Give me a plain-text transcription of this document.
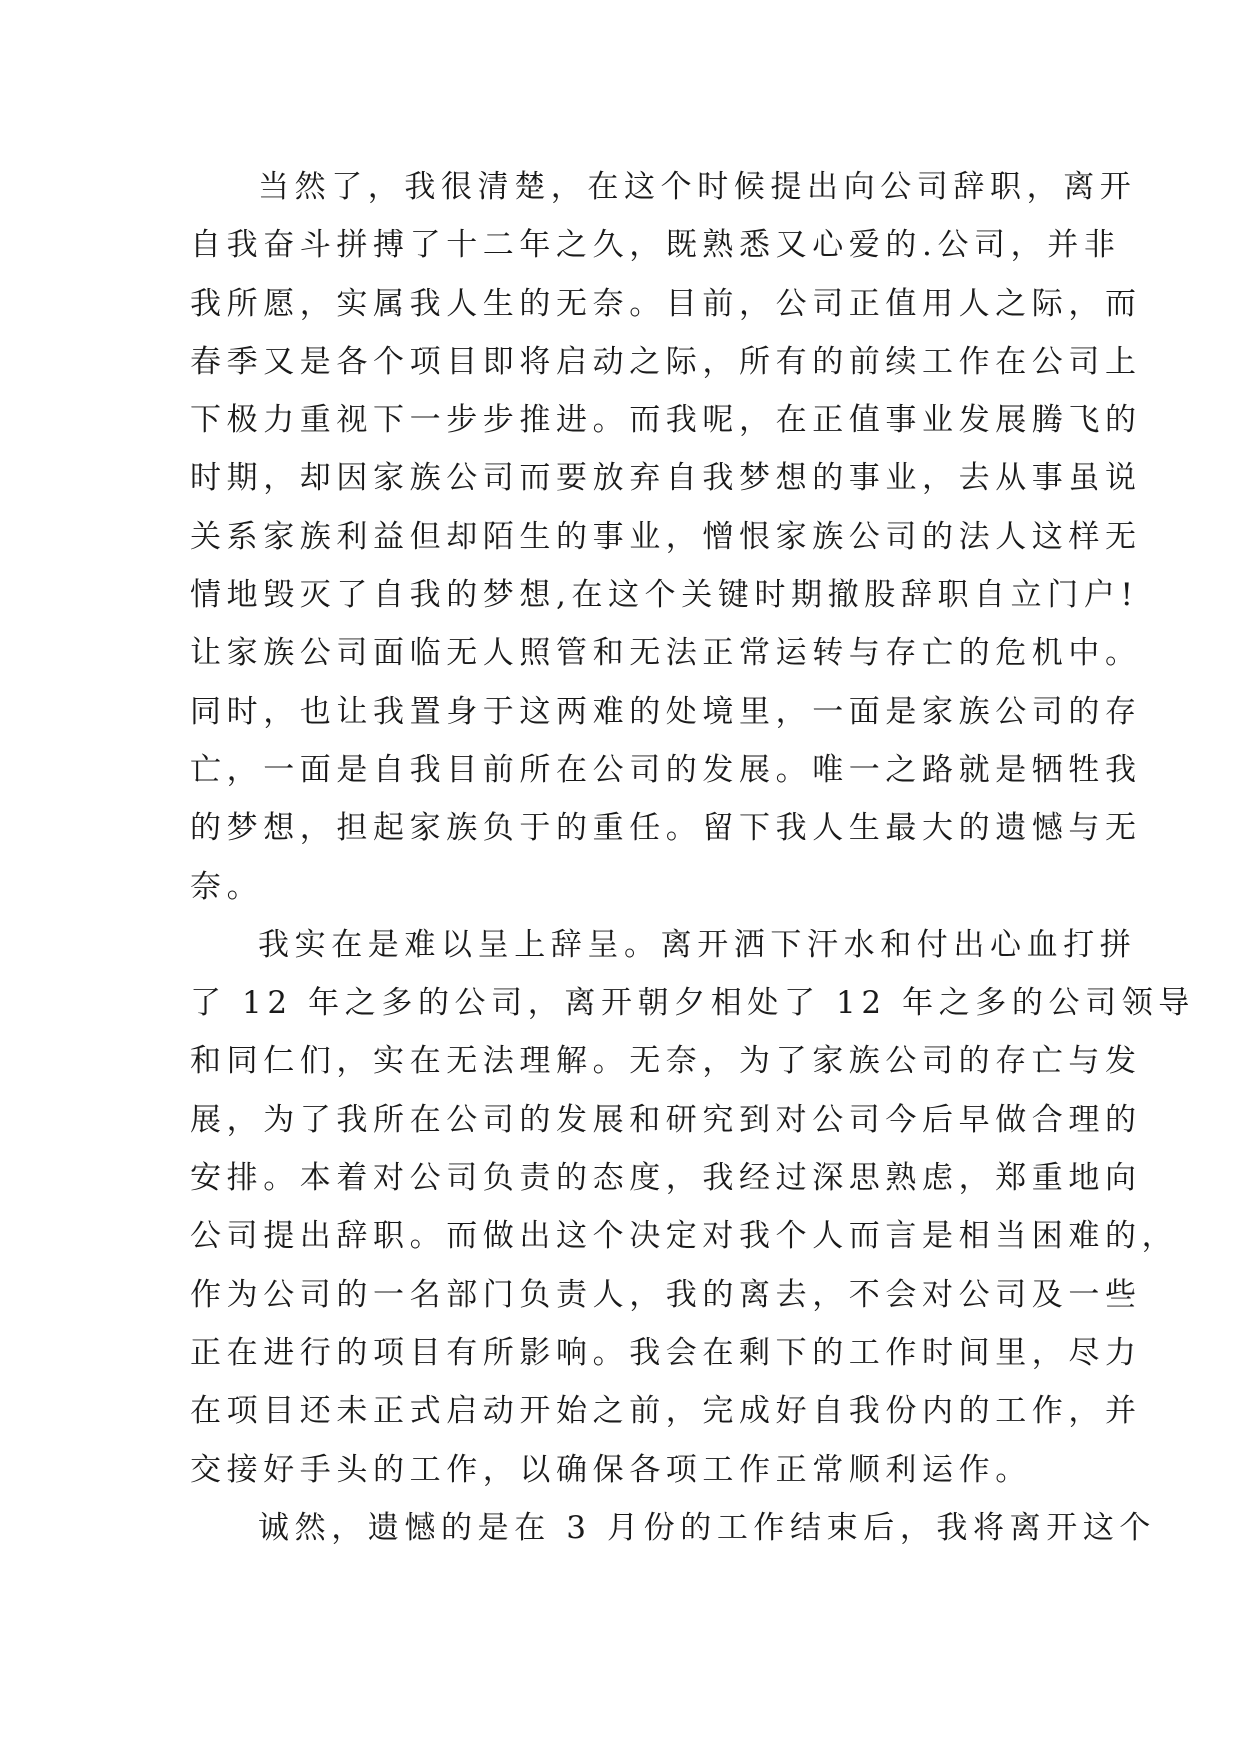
当然了，我很清楚，在这个时候提出向公司辞职，离开
自我奋斗拼搏了十二年之久，既熟悉又心爱的.公司，并非
我所愿，实属我人生的无奈。目前，公司正值用人之际，而
春季又是各个项目即将启动之际，所有的前续工作在公司上
下极力重视下一步步推进。而我呢，在正值事业发展腾飞的
时期，却因家族公司而要放弃自我梦想的事业，去从事虽说
关系家族利益但却陌生的事业，憎恨家族公司的法人这样无
情地毁灭了自我的梦想,在这个关键时期撤股辞职自立门户!
让家族公司面临无人照管和无法正常运转与存亡的危机中。
同时，也让我置身于这两难的处境里，一面是家族公司的存
亡，一面是自我目前所在公司的发展。唯一之路就是牺牲我
的梦想，担起家族负于的重任。留下我人生最大的遗憾与无
奈。
我实在是难以呈上辞呈。离开洒下汗水和付出心血打拼
了 12 年之多的公司，离开朝夕相处了 12 年之多的公司领导
和同仁们，实在无法理解。无奈，为了家族公司的存亡与发
展，为了我所在公司的发展和研究到对公司今后早做合理的
安排。本着对公司负责的态度，我经过深思熟虑，郑重地向
公司提出辞职。而做出这个决定对我个人而言是相当困难的，
作为公司的一名部门负责人，我的离去，不会对公司及一些
正在进行的项目有所影响。我会在剩下的工作时间里，尽力
在项目还未正式启动开始之前，完成好自我份内的工作，并
交接好手头的工作，以确保各项工作正常顺利运作。
诚然，遗憾的是在 3 月份的工作结束后，我将离开这个
